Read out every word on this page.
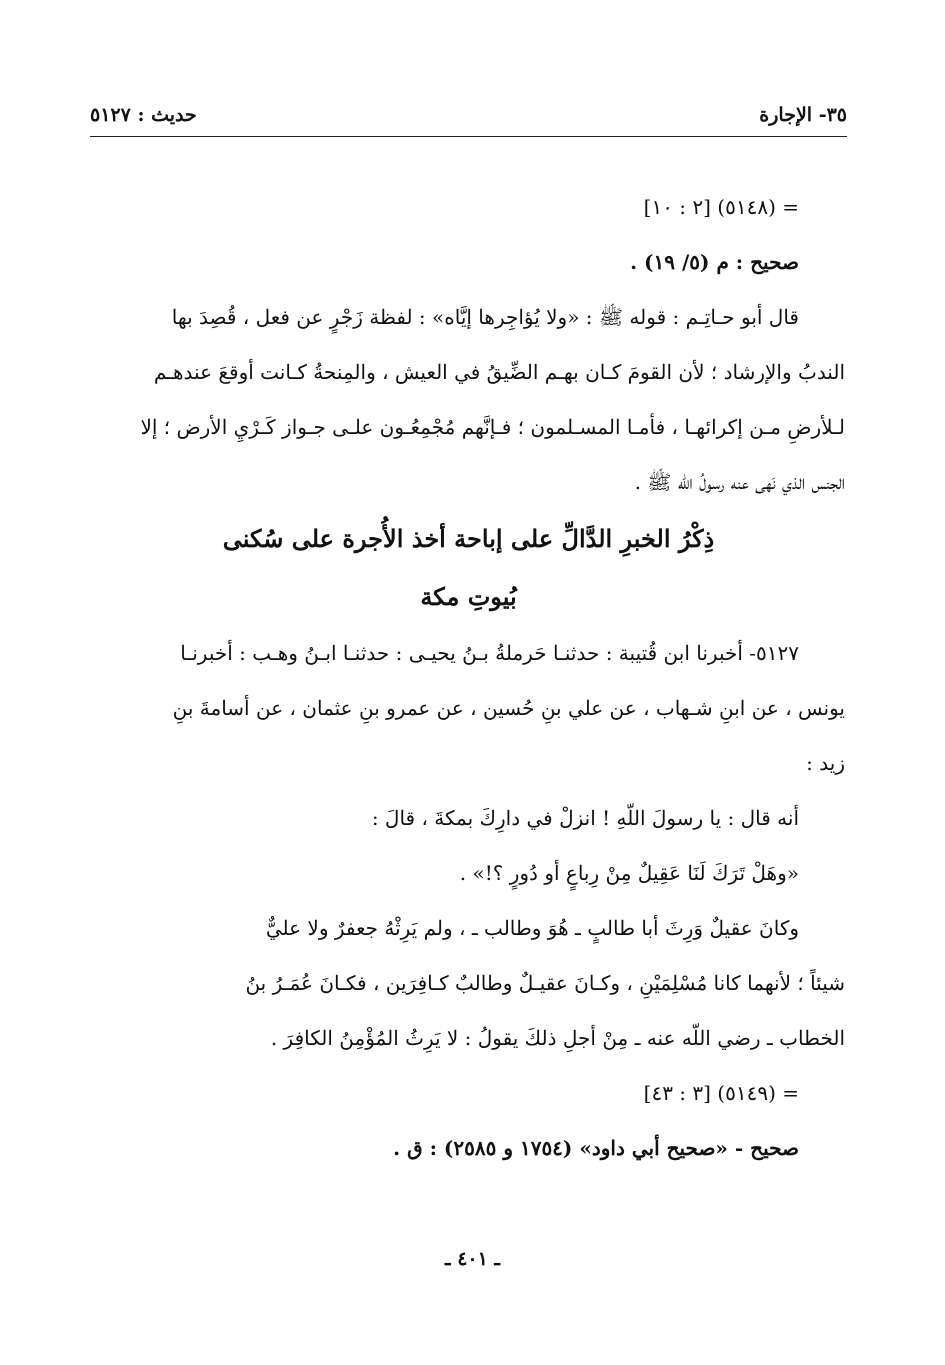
٣٥- الإجارة
حديث : ٥١٢٧
= (٥١٤٨) [٢ : ١٠]
صحيح : م (٥/ ١٩) .
قال أبو حـاتِـم : قوله ﷺ : «ولا يُؤاجِرها إيَّاه» : لفظة زَجْرٍ عن فعل ، قُصِدَ بها
الندبُ والإرشاد ؛ لأن القومَ كـان بهـم الضِّيقُ في العيش ، والمِنحةُ كـانت أوقعَ عندهـم
لـلأرضِ مـن إكرائهـا ، فأمـا المسـلمون ؛ فـإنَّهم مُجْمِعُـون علـى جـواز كَـرْيِ الأرض ؛ إلا
الجنس الذي نَهى عنه رسولُ اللّه ﷺ .
ذِكْرُ الخبرِ الدَّالِّ على إباحة أخذ الأُجرة على سُكنى
بُيوتِ مكة
٥١٢٧- أخبرنا ابن قُتيبة : حدثنـا حَرملةُ بـنُ يحيـى : حدثنـا ابـنُ وهـب : أخبرنـا
يونس ، عن ابنِ شـهاب ، عن علي بنِ حُسين ، عن عمرو بنِ عثمان ، عن أسامةَ بنِ
زيد :
أنه قال : يا رسولَ اللّهِ ! انزلْ في دارِكَ بمكةَ ، قالَ :
«وهَلْ تَرَكَ لَنَا عَقِيلٌ مِنْ رِباعٍ أو دُورٍ ؟!» .
وكانَ عقيلٌ وَرِثَ أبا طالبٍ ـ هُوَ وطالب ـ ، ولم يَرِثْهُ جعفرٌ ولا عليٌّ
شيئاً ؛ لأنهما كانا مُسْلِمَيْنِ ، وكـانَ عقيـلٌ وطالبٌ كـافِرَين ، فكـانَ عُمَـرُ بنُ
الخطاب ـ رضي اللّه عنه ـ مِنْ أجلِ ذلكَ يقولُ : لا يَرِثُ المُؤْمِنُ الكافِرَ .
= (٥١٤٩) [٣ : ٤٣]
صحيح - «صحيح أبي داود» (١٧٥٤ و ٢٥٨٥) : ق .
ـ ٤٠١ ـ
